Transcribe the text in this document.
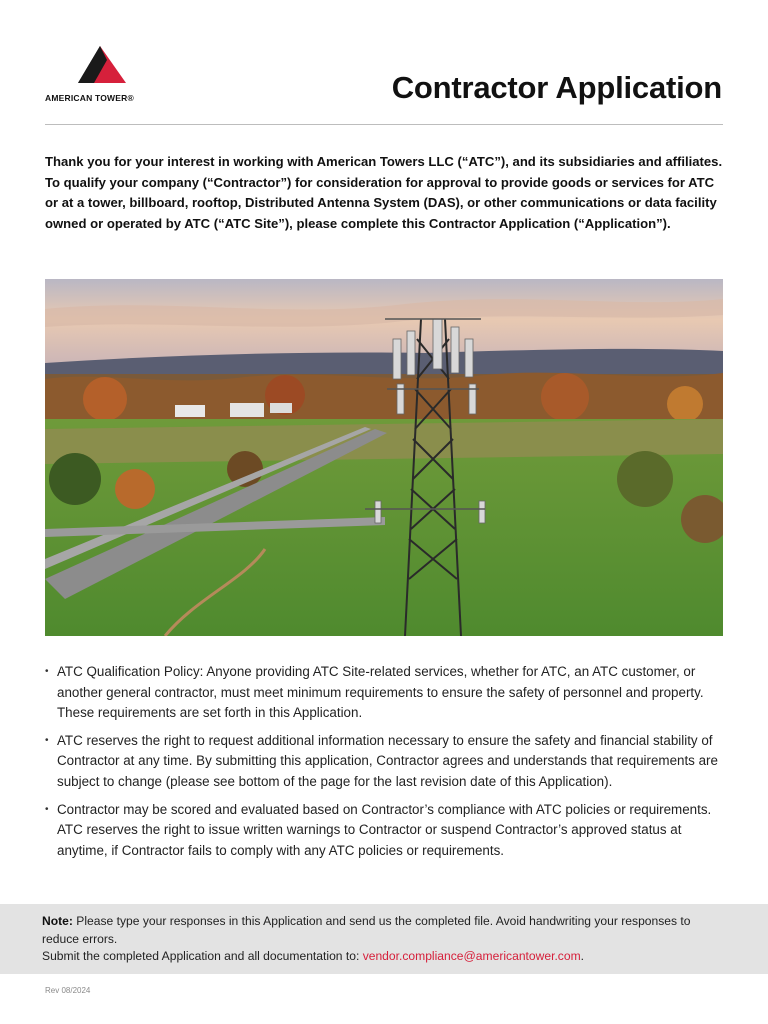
AMERICAN TOWER®	Contractor Application

Thank you for your interest in working with American Towers LLC (“ATC”), and its subsidiaries and affiliates. To qualify your company (“Contractor”) for consideration for approval to provide goods or services for ATC or at a tower, billboard, rooftop, Distributed Antenna System (DAS), or other communications or data facility owned or operated by ATC (“ATC Site”), please complete this Contractor Application (“Application”).

• ATC Qualification Policy: Anyone providing ATC Site-related services, whether for ATC, an ATC customer, or another general contractor, must meet minimum requirements to ensure the safety of personnel and property. These requirements are set forth in this Application.
• ATC reserves the right to request additional information necessary to ensure the safety and financial stability of Contractor at any time. By submitting this application, Contractor agrees and understands that requirements are subject to change (please see bottom of the page for the last revision date of this Application).
• Contractor may be scored and evaluated based on Contractor’s compliance with ATC policies or requirements. ATC reserves the right to issue written warnings to Contractor or suspend Contractor’s approved status at anytime, if Contractor fails to comply with any ATC policies or requirements.

Note: Please type your responses in this Application and send us the completed file. Avoid handwriting your responses to reduce errors.

Submit the completed Application and all documentation to: vendor.compliance@americantower.com.

Rev 08/2024
